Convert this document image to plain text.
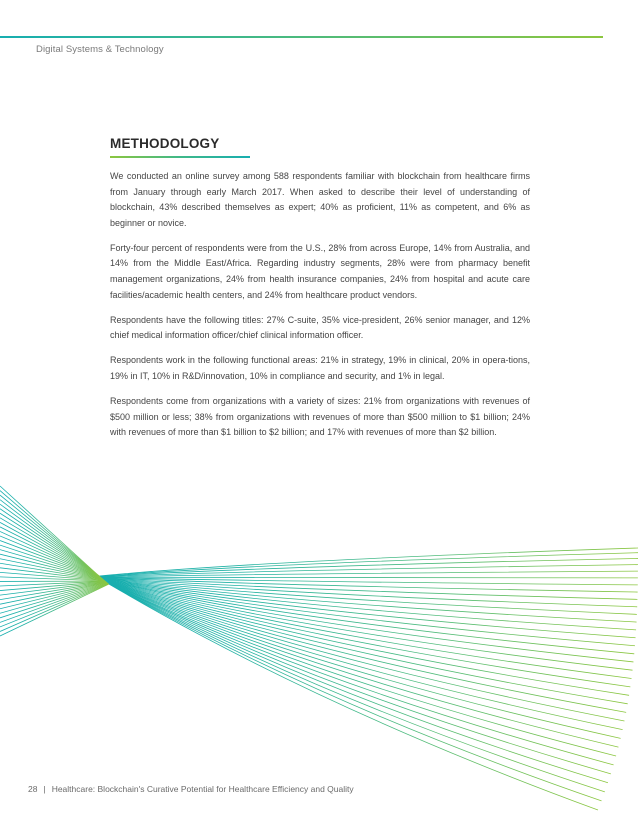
Digital Systems & Technology
METHODOLOGY

We conducted an online survey among 588 respondents familiar with blockchain from healthcare firms from January through early March 2017. When asked to describe their level of understanding of blockchain, 43% described themselves as expert; 40% as proficient, 11% as competent, and 6% as beginner or novice.

Forty-four percent of respondents were from the U.S., 28% from across Europe, 14% from Australia, and 14% from the Middle East/Africa. Regarding industry segments, 28% were from pharmacy benefit management organizations, 24% from health insurance companies, 24% from hospital and acute care facilities/academic health centers, and 24% from healthcare product vendors.

Respondents have the following titles: 27% C-suite, 35% vice-president, 26% senior manager, and 12% chief medical information officer/chief clinical information officer.

Respondents work in the following functional areas: 21% in strategy, 19% in clinical, 20% in opera-tions, 19% in IT, 10% in R&D/innovation, 10% in compliance and security, and 1% in legal.

Respondents come from organizations with a variety of sizes: 21% from organizations with revenues of $500 million or less; 38% from organizations with revenues of more than $500 million to $1 billion; 24% with revenues of more than $1 billion to $2 billion; and 17% with revenues of more than $2 billion.

28 | Healthcare: Blockchain's Curative Potential for Healthcare Efficiency and Quality
